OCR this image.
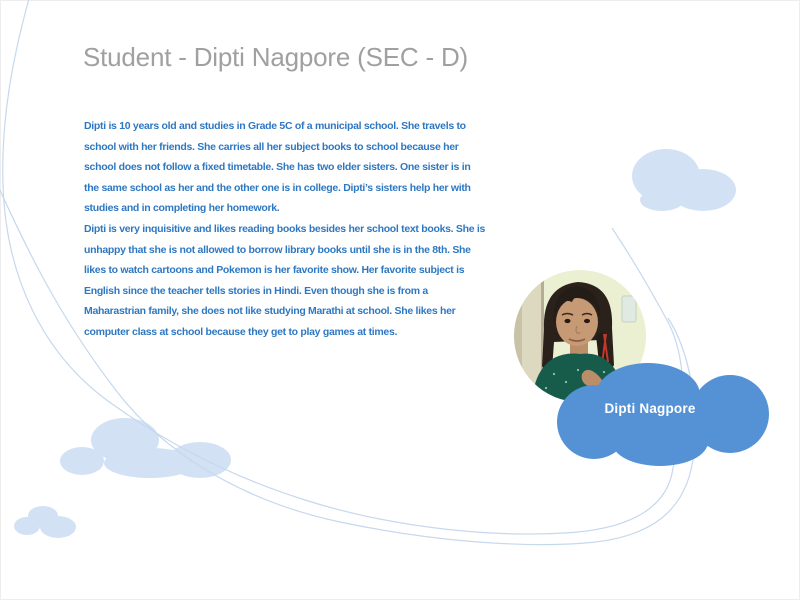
Student - Dipti Nagpore (SEC - D)
Dipti is 10 years old and studies in Grade 5C of a municipal school. She travels to
school with her friends. She carries all her subject books to school because her
school does not follow a fixed timetable. She has two elder sisters. One sister is in
the same school as her and the other one is in college. Dipti’s sisters help her with
studies and in completing her homework.
Dipti is very inquisitive and likes reading books besides her school text books. She is
unhappy that she is not allowed to borrow library books until she is in the 8th. She
likes to watch cartoons and Pokemon is her favorite show. Her favorite subject is
English since the teacher tells stories in Hindi. Even though she is from a
Maharastrian family, she does not like studying Marathi at school. She likes her
computer class at school because they get to play games at times.
Dipti Nagpore
